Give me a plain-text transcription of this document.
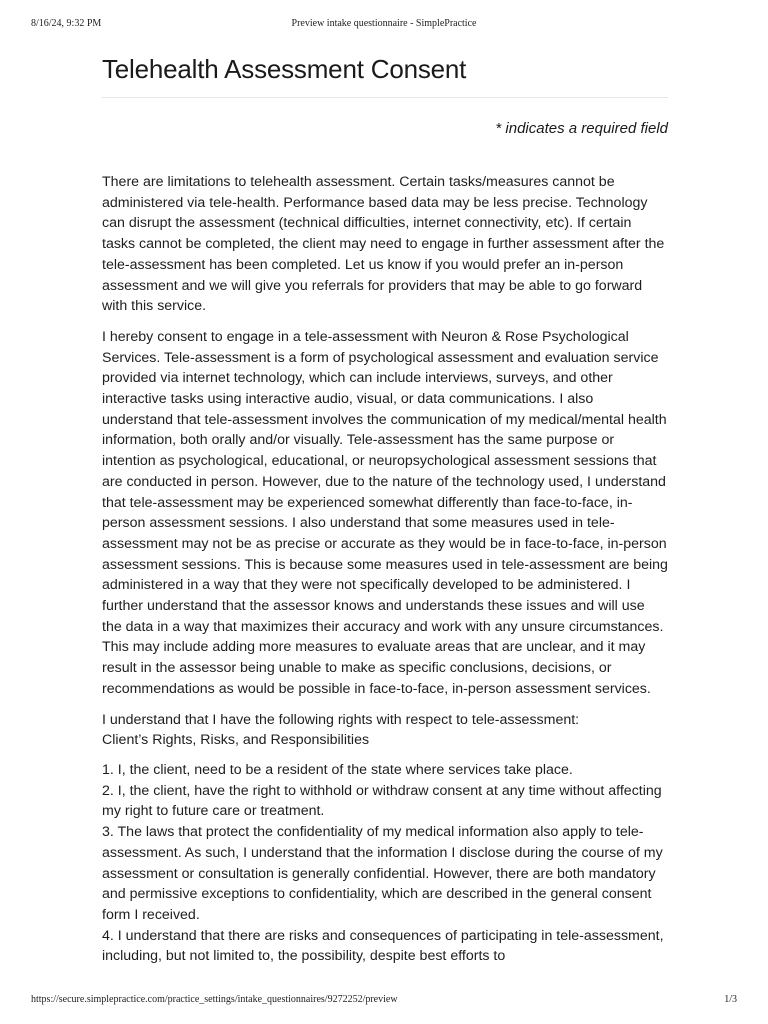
8/16/24, 9:32 PM	Preview intake questionnaire - SimplePractice
Telehealth Assessment Consent
* indicates a required field

There are limitations to telehealth assessment. Certain tasks/measures cannot be administered via tele-health. Performance based data may be less precise. Technology can disrupt the assessment (technical difficulties, internet connectivity, etc). If certain tasks cannot be completed, the client may need to engage in further assessment after the tele-assessment has been completed. Let us know if you would prefer an in-person assessment and we will give you referrals for providers that may be able to go forward with this service.

I hereby consent to engage in a tele-assessment with Neuron & Rose Psychological Services. Tele-assessment is a form of psychological assessment and evaluation service provided via internet technology, which can include interviews, surveys, and other interactive tasks using interactive audio, visual, or data communications. I also understand that tele-assessment involves the communication of my medical/mental health information, both orally and/or visually. Tele-assessment has the same purpose or intention as psychological, educational, or neuropsychological assessment sessions that are conducted in person. However, due to the nature of the technology used, I understand that tele-assessment may be experienced somewhat differently than face-to-face, in-person assessment sessions. I also understand that some measures used in tele-assessment may not be as precise or accurate as they would be in face-to-face, in-person assessment sessions. This is because some measures used in tele-assessment are being administered in a way that they were not specifically developed to be administered. I further understand that the assessor knows and understands these issues and will use the data in a way that maximizes their accuracy and work with any unsure circumstances. This may include adding more measures to evaluate areas that are unclear, and it may result in the assessor being unable to make as specific conclusions, decisions, or recommendations as would be possible in face-to-face, in-person assessment services.

I understand that I have the following rights with respect to tele-assessment:
Client’s Rights, Risks, and Responsibilities
1. I, the client, need to be a resident of the state where services take place.
2. I, the client, have the right to withhold or withdraw consent at any time without affecting my right to future care or treatment.
3. The laws that protect the confidentiality of my medical information also apply to tele-assessment. As such, I understand that the information I disclose during the course of my assessment or consultation is generally confidential. However, there are both mandatory and permissive exceptions to confidentiality, which are described in the general consent form I received.
4. I understand that there are risks and consequences of participating in tele-assessment, including, but not limited to, the possibility, despite best efforts to
https://secure.simplepractice.com/practice_settings/intake_questionnaires/9272252/preview	1/3
